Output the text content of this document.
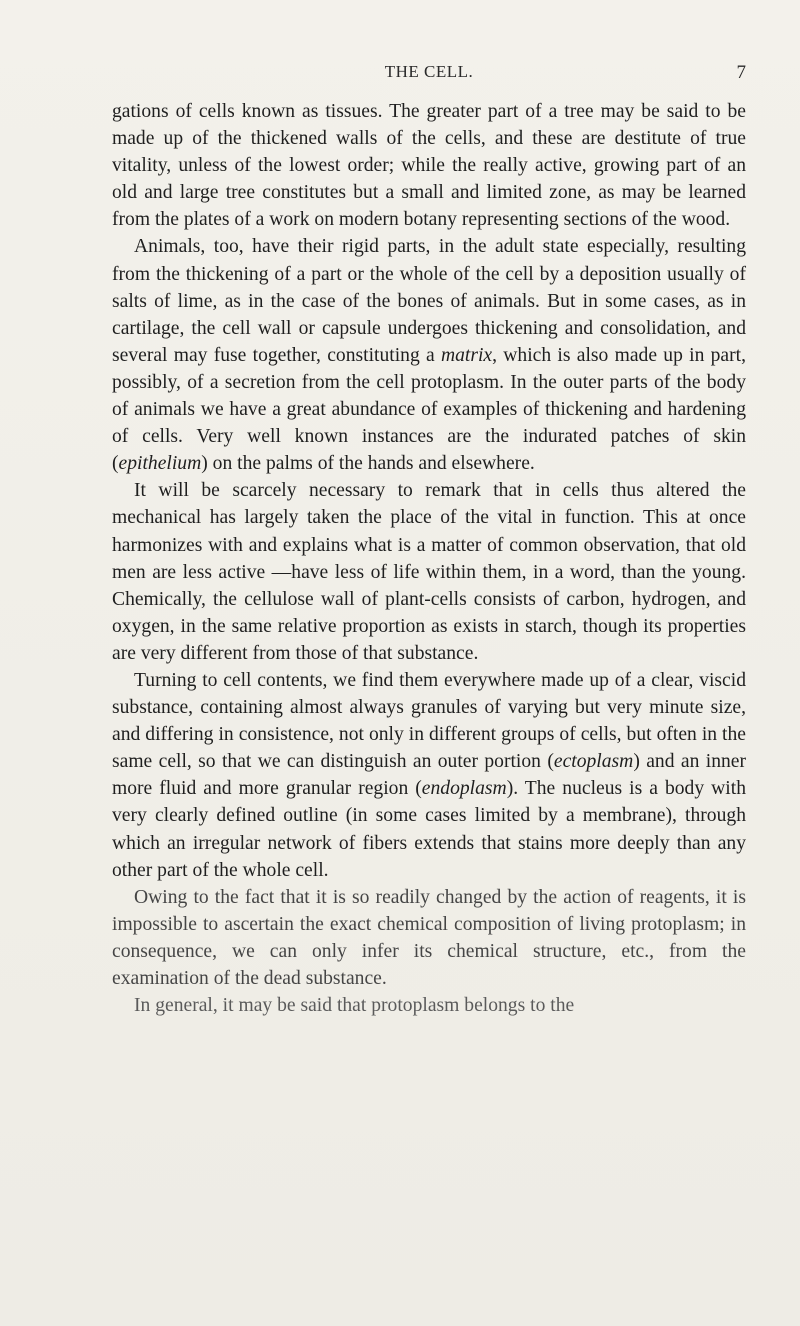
THE CELL.	7

gations of cells known as tissues. The greater part of a tree may be said to be made up of the thickened walls of the cells, and these are destitute of true vitality, unless of the lowest order; while the really active, growing part of an old and large tree constitutes but a small and limited zone, as may be learned from the plates of a work on modern botany representing sections of the wood.

Animals, too, have their rigid parts, in the adult state especially, resulting from the thickening of a part or the whole of the cell by a deposition usually of salts of lime, as in the case of the bones of animals. But in some cases, as in cartilage, the cell wall or capsule undergoes thickening and consolidation, and several may fuse together, constituting a matrix, which is also made up in part, possibly, of a secretion from the cell protoplasm. In the outer parts of the body of animals we have a great abundance of examples of thickening and hardening of cells. Very well known instances are the indurated patches of skin (epithelium) on the palms of the hands and elsewhere.

It will be scarcely necessary to remark that in cells thus altered the mechanical has largely taken the place of the vital in function. This at once harmonizes with and explains what is a matter of common observation, that old men are less active —have less of life within them, in a word, than the young. Chemically, the cellulose wall of plant-cells consists of carbon, hydrogen, and oxygen, in the same relative proportion as exists in starch, though its properties are very different from those of that substance.

Turning to cell contents, we find them everywhere made up of a clear, viscid substance, containing almost always granules of varying but very minute size, and differing in consistence, not only in different groups of cells, but often in the same cell, so that we can distinguish an outer portion (ectoplasm) and an inner more fluid and more granular region (endoplasm). The nucleus is a body with very clearly defined outline (in some cases limited by a membrane), through which an irregular network of fibers extends that stains more deeply than any other part of the whole cell.

Owing to the fact that it is so readily changed by the action of reagents, it is impossible to ascertain the exact chemical composition of living protoplasm; in consequence, we can only infer its chemical structure, etc., from the examination of the dead substance.

In general, it may be said that protoplasm belongs to the
